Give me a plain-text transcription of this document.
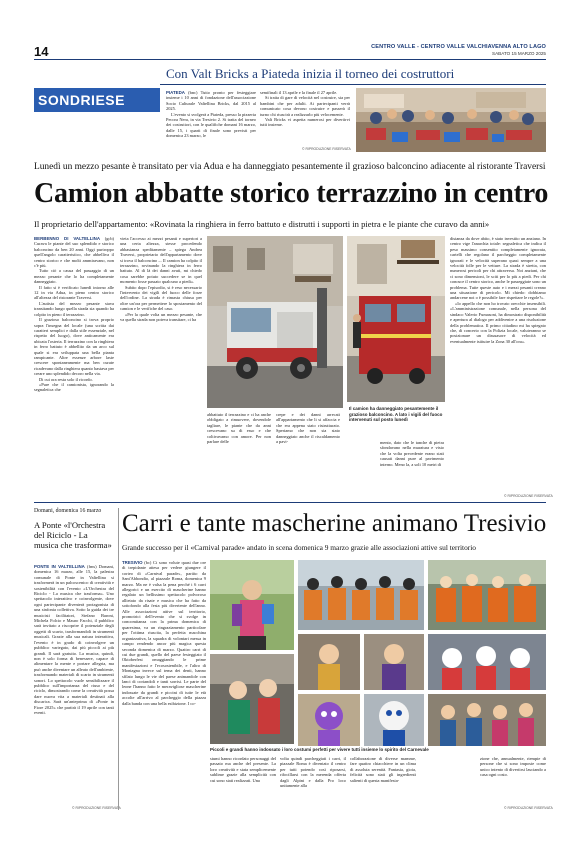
14	CENTRO VALLE - CENTRO VALLE VALCHIAVENNA ALTO LAGO
SABATO 15 MARZO 2025
SONDRIESE
Con Valt Bricks a Piateda inizia il torneo dei costruttori
PIATEDA (bnc) Tutto pronto per festeggiare insieme i 10 anni di fondazione dell'associazione Socio Culturale Valtellina Bricks, dal 2015 al 2025.
L'evento si svolgerà a Piateda, presso la pizzeria Pecora Nera, in via Tresivio 2. Si tratta del torneo dei costruttori, con le qualifiche domani 16 marzo, dalle 15, i quarti di finale sono previsti per domenica 23 marzo, le
semifinali il 13 aprile e la finale il 27 aprile.
Si tratta di gare di velocità nel costruire, sia per bambini che per adulti. Ai partecipanti verrà comunicato cosa devono costruire e passerà il turno chi riuscirà a realizzarlo più velocemente.
Valt Bricks vi aspetta numerosi per divertirvi tutti insieme.
© RIPRODUZIONE RISERVATA
Lunedì un mezzo pesante è transitato per via Adua e ha danneggiato pesantemente il grazioso balconcino adiacente al ristorante Traversi
Camion abbatte storico terrazzino in centro
Il proprietario dell'appartamento: «Rovinata la ringhiera in ferro battuto e distrutti i supporti in pietra e le piante che curavo da anni»
BERBENNO DI VALTELLINA (gcb) Curava le piante del suo splendido e storico balconcino da ben 20 anni. Oggi purtroppo quell'angolo caratteristico, che abbelliva il centro storico e che molti ammiravano, non c'è più.
Tutto ciò a causa del passaggio di un mezzo pesante che lo ha completamente danneggiato.
Il fatto si è verificato lunedì intorno alle 12 in via Adua, in pieno centro storico all'altezza del ristorante Traversi.
L'autista del mezzo pesante stava transitando lungo quella strada sia quando ha colpito in pieno il terrazzino.
Il grazioso balconcino si trova proprio sopra l'insegna del locale (una scritta dai caratteri semplici e dalla stile essenziale, nel rispetto del luogo), dove anticamente era ubicata l'osteria. Il terrazzino con la ringhiera in ferro battuto è abbellito da un arco sul quale si era sviluppata una bella pianta rampicante. Altre essenze arbore laste crescere spontaneamente ma ben curate ricadevano dalla ringhiera quanto bastava per creare uno splendido decoro nella via.
Di cui ora resta solo il ricordo.
«Pure che il camionista, ignorando la segnaletica che
vieta l'accesso ai mezzi pesanti e superiori a una certa altezza, stesse procedendo abbastanza speditamente – spiega Andrea Traversi, proprietario dell'appartamento dove si trova il balconcino –. Il camion ha colpito il terrazzino, rovinando la ringhiera in ferro battuto. Al di là dei danni avuti, mi chiedo cosa sarebbe potuto succedere se in quel momento fosse passato qualcuno a piedi».
Subito dopo l'episodio, si è reso necessario l'intervento dei vigili del fuoco delle forze dell'ordine. La strada è rimasta chiusa per oltre un'ora per permettere lo spostamento del camion e le verifiche del caso.
«Per la quale volta un mezzo pesante, che va quella strada non poteva transitare, ci ha
Il camion ha danneggiato pesantemente il grazioso balconcino. A lato i vigili del fuoco intervenuti sul posto lunedì
abbattuto il terrazzino e ci ha anche obbligato a rimuovere, dovendole tagliare, le piante che da anni crescevano su di esso e che coltivavamo con amore. Per non parlare delle
crepe e dei danni arrecati all'appartamento che li si affaccia e che era appena stato ristrutturato. Speriamo che non sia stato danneggiato anche il riscaldamento a pavi-	mento, dato che le tanche di pietra sfondavano nella muratura e visto che la volta precedente erano stati causati danni pure al pavimento interno. Meno la, a soli 10 metri di
distanza da dove abito, è stato investito un anziano. In centro vige l'anarchia totale: segnaletica che indica il peso massimo consentito completamente ignorata, cartelli che regolano il parcheggio completamente ignorati e le velocità superano quasi sempre a una velocità folle per le vetture. La strada è stretta, con numerosi pericoli per chi attraversa. Noi anziani, che ci sono dimensioni, le sciti per lo più a piedi. Per chi conosce il centro storico, anche le passeggiate sono un problema. Tutte queste auto e i mezzi pesanti creano una situazione di pericolo. Mi chiedo: dobbiamo andarcene noi o è possibile fare rispettare le regole?».
«Io appello che non ho trovato orecchie insensibili. «L'amministrazione comunale, nella persona del sindaco Valerio Fumasoni, ha dimostrato disponibilità e apertura al dialogo per addivenire a una risoluzione della problematica. Il primo cittadino mi ha spiegato che, di concerto con la Polizia locale, valuteranno se posizionare un dissuasore di velocità ed eventualmente istituire la Zona 30 all'ora».
© RIPRODUZIONE RISERVATA
Domani, domenica 16 marzo
A Ponte «l'Orchestra del Riciclo - La musica che trasforma»
PONTE IN VALTELLINA (fms) Domani, domenica 16 marzo, alle 15, la palestra comunale di Ponte in Valtellina si trasformerà in un palcoscenico di creatività e sostenibilità con l'evento «L'Orchestra del Riciclo - La musica che trasforma». Uno spettacolo interattivo e coinvolgente, dove ogni partecipante diventerà protagonista di una sinfonia collettiva. Sotto la guida dei tre musicisti facilitatori, Stefano Baroni, Michela Folcio e Mauro Facchi, il pubblico sarà invitato a riscoprire il potenziale degli oggetti di scarto, trasformandoli in strumenti musicali. Grazie alla sua natura interattiva, l'evento è in grado di coinvolgere un pubblico variegato, dai più piccoli ai più grandi. Il sarà gratuito. La musica, quindi, non è solo forma di benessere, capace di alimentare la mente e portare allegria, ma può anche diventare un alleato dell'ambiente, trasformando materiali di scarto in strumenti sonori. Lo spettacolo vuole sensibilizzare il pubblico sull'importanza del riuso e del riciclo, dimostrando come la creatività possa dare nuova vita a materiali destinati alla discarica. Sarà un'anteprima di «Ponte in Fiore 2025» che partirà il 19 aprile con tanti eventi.
© RIPRODUZIONE RISERVATA
Carri e tante mascherine animano Tresivio
Grande successo per il «Carnival parade» andato in scena domenica 9 marzo grazie alle associazioni attive sul territorio
TRESIVIO (bc) Ci sono volute quasi due ore di trepidante attesa per vedere giungere il corteo di «Carnival parade», partito da Sant'Abbondio, al piazzale Roma, domenica 9 marzo. Ma ne è valsa la pena perché i 6 carri allegorici e un esercito di mascherine hanno regalato un bellissimo spettacolo polvoroso allietato da risate e musica che ha fatto da sottofondo alla festa più divertente dell'anno. Alle associazioni attive sul territorio, promotrici dell'evento che si svolge in concomitanza con la prima domenica di quaresima, va un ringraziamento particolare per l'ottima riuscita, la perfetta macchina organizzativa, la squadra di volontari messa in campo rendendo ancor più magica questa seconda domenica di marzo. Quattro carri di cui due grandi, quello del paese festeggiato il Oktoberfest omaggiando le prime manifestazioni e l'ecosostenibile, e l'altro di Montagna invece sul tema dei denti, hanno sfilato lungo le vie del paese animandole con lanci di coriandoli e tanti sorrisi. Le parte del leone l'hanno fatto le meravigliose mascherine indossate da grandi e piccini di tutte le età accolte all'arrivo al parcheggio della piazza dalla banda con una bella esibizione. I co-
Piccoli e grandi hanno indossato i loro costumi perfetti per vivere tutti insieme lo spirito del Carnevale
stumi hanno ricordato personaggi del passato ma anche del presente. La loro creatività e stata semplicemente sublime grazie alla semplicità con cui sono stati realizzati. Una
volta quindi parcheggiati i carri, il piazzale Roma è diventato il centro per tutti potendo così riposarsi, rifocillarsi con la merenda offerta dagli Alpini e dalla Pro loco unitamente alla
collaborazione di diverse mamme, fare quattro chiacchiere in un clima di assoluta serenità. Fantasia, gioia, felicità sono stati gli ingredienti salienti di questa manifesta-
zione che, annualmente, riempie di persone che si sono imposte come unico intento di divertirsi lasciando a casa ogni costo.
© RIPRODUZIONE RISERVATA
